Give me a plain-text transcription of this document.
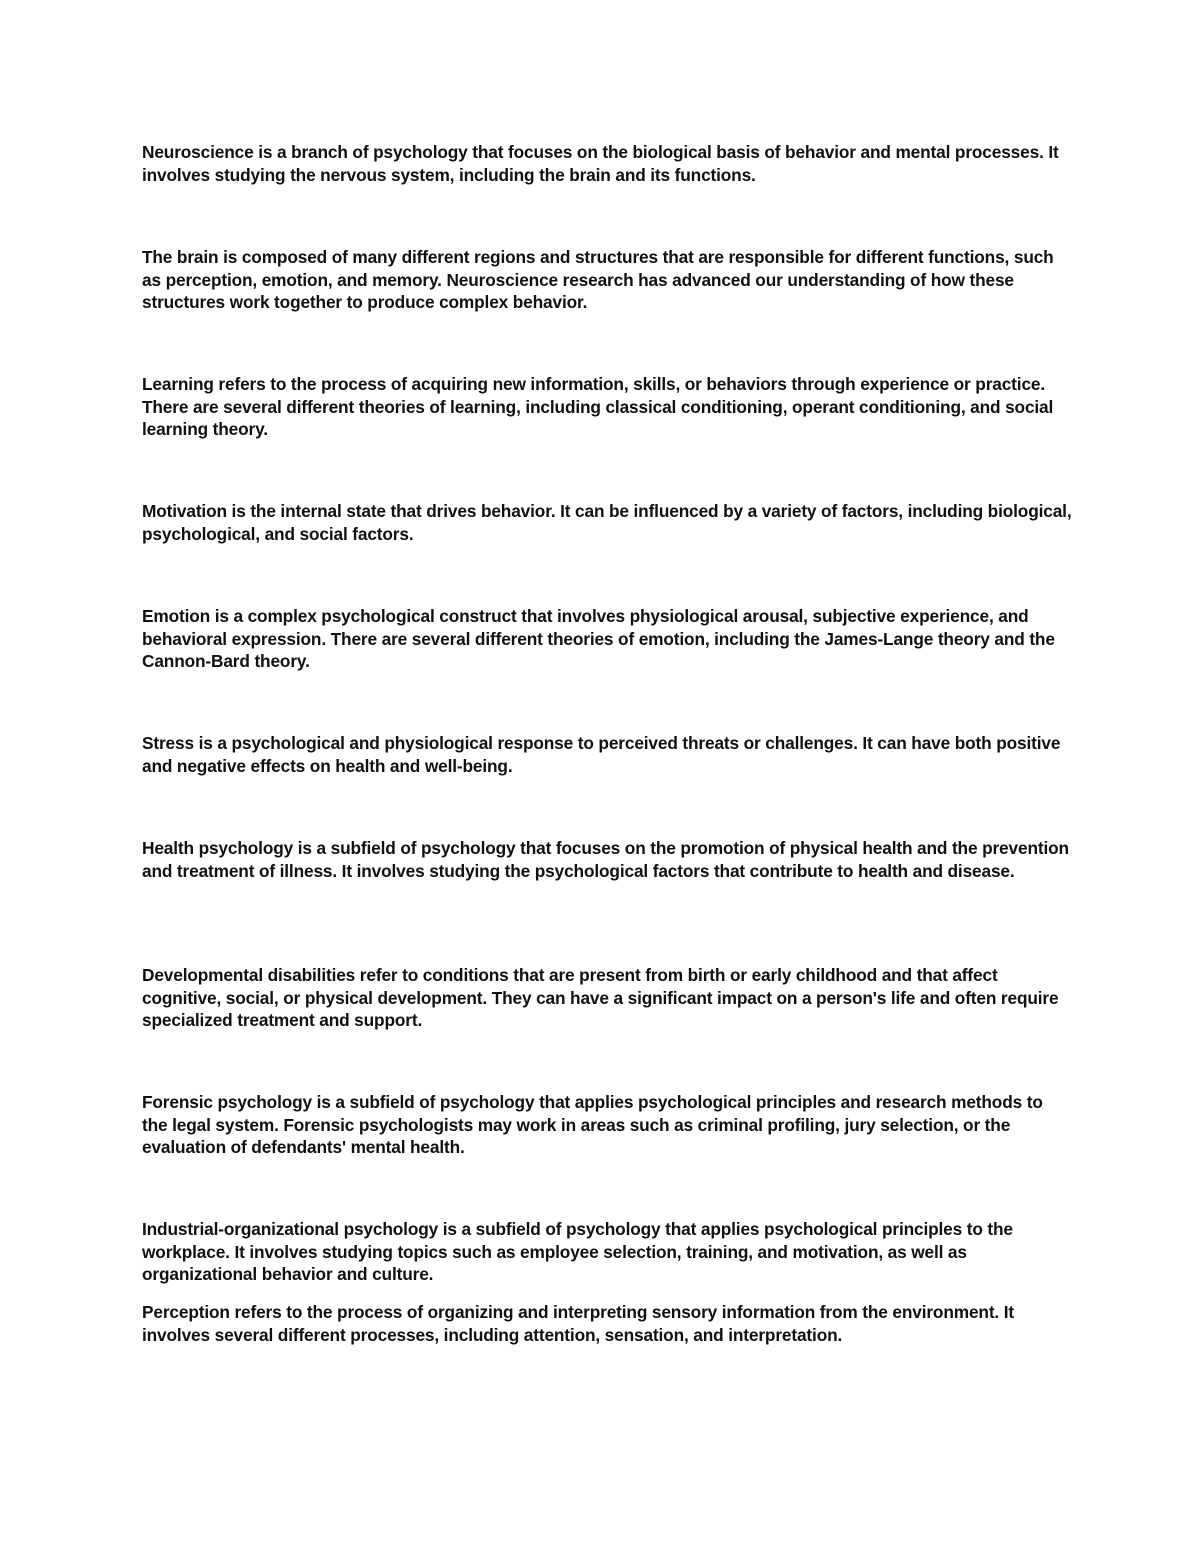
Neuroscience is a branch of psychology that focuses on the biological basis of behavior and mental processes. It involves studying the nervous system, including the brain and its functions.

The brain is composed of many different regions and structures that are responsible for different functions, such as perception, emotion, and memory. Neuroscience research has advanced our understanding of how these structures work together to produce complex behavior.

Learning refers to the process of acquiring new information, skills, or behaviors through experience or practice. There are several different theories of learning, including classical conditioning, operant conditioning, and social learning theory.

Motivation is the internal state that drives behavior. It can be influenced by a variety of factors, including biological, psychological, and social factors.

Emotion is a complex psychological construct that involves physiological arousal, subjective experience, and behavioral expression. There are several different theories of emotion, including the James-Lange theory and the Cannon-Bard theory.

Stress is a psychological and physiological response to perceived threats or challenges. It can have both positive and negative effects on health and well-being.

Health psychology is a subfield of psychology that focuses on the promotion of physical health and the prevention and treatment of illness. It involves studying the psychological factors that contribute to health and disease.

Developmental disabilities refer to conditions that are present from birth or early childhood and that affect cognitive, social, or physical development. They can have a significant impact on a person's life and often require specialized treatment and support.

Forensic psychology is a subfield of psychology that applies psychological principles and research methods to the legal system. Forensic psychologists may work in areas such as criminal profiling, jury selection, or the evaluation of defendants' mental health.

Industrial-organizational psychology is a subfield of psychology that applies psychological principles to the workplace. It involves studying topics such as employee selection, training, and motivation, as well as organizational behavior and culture.

Perception refers to the process of organizing and interpreting sensory information from the environment. It involves several different processes, including attention, sensation, and interpretation.
